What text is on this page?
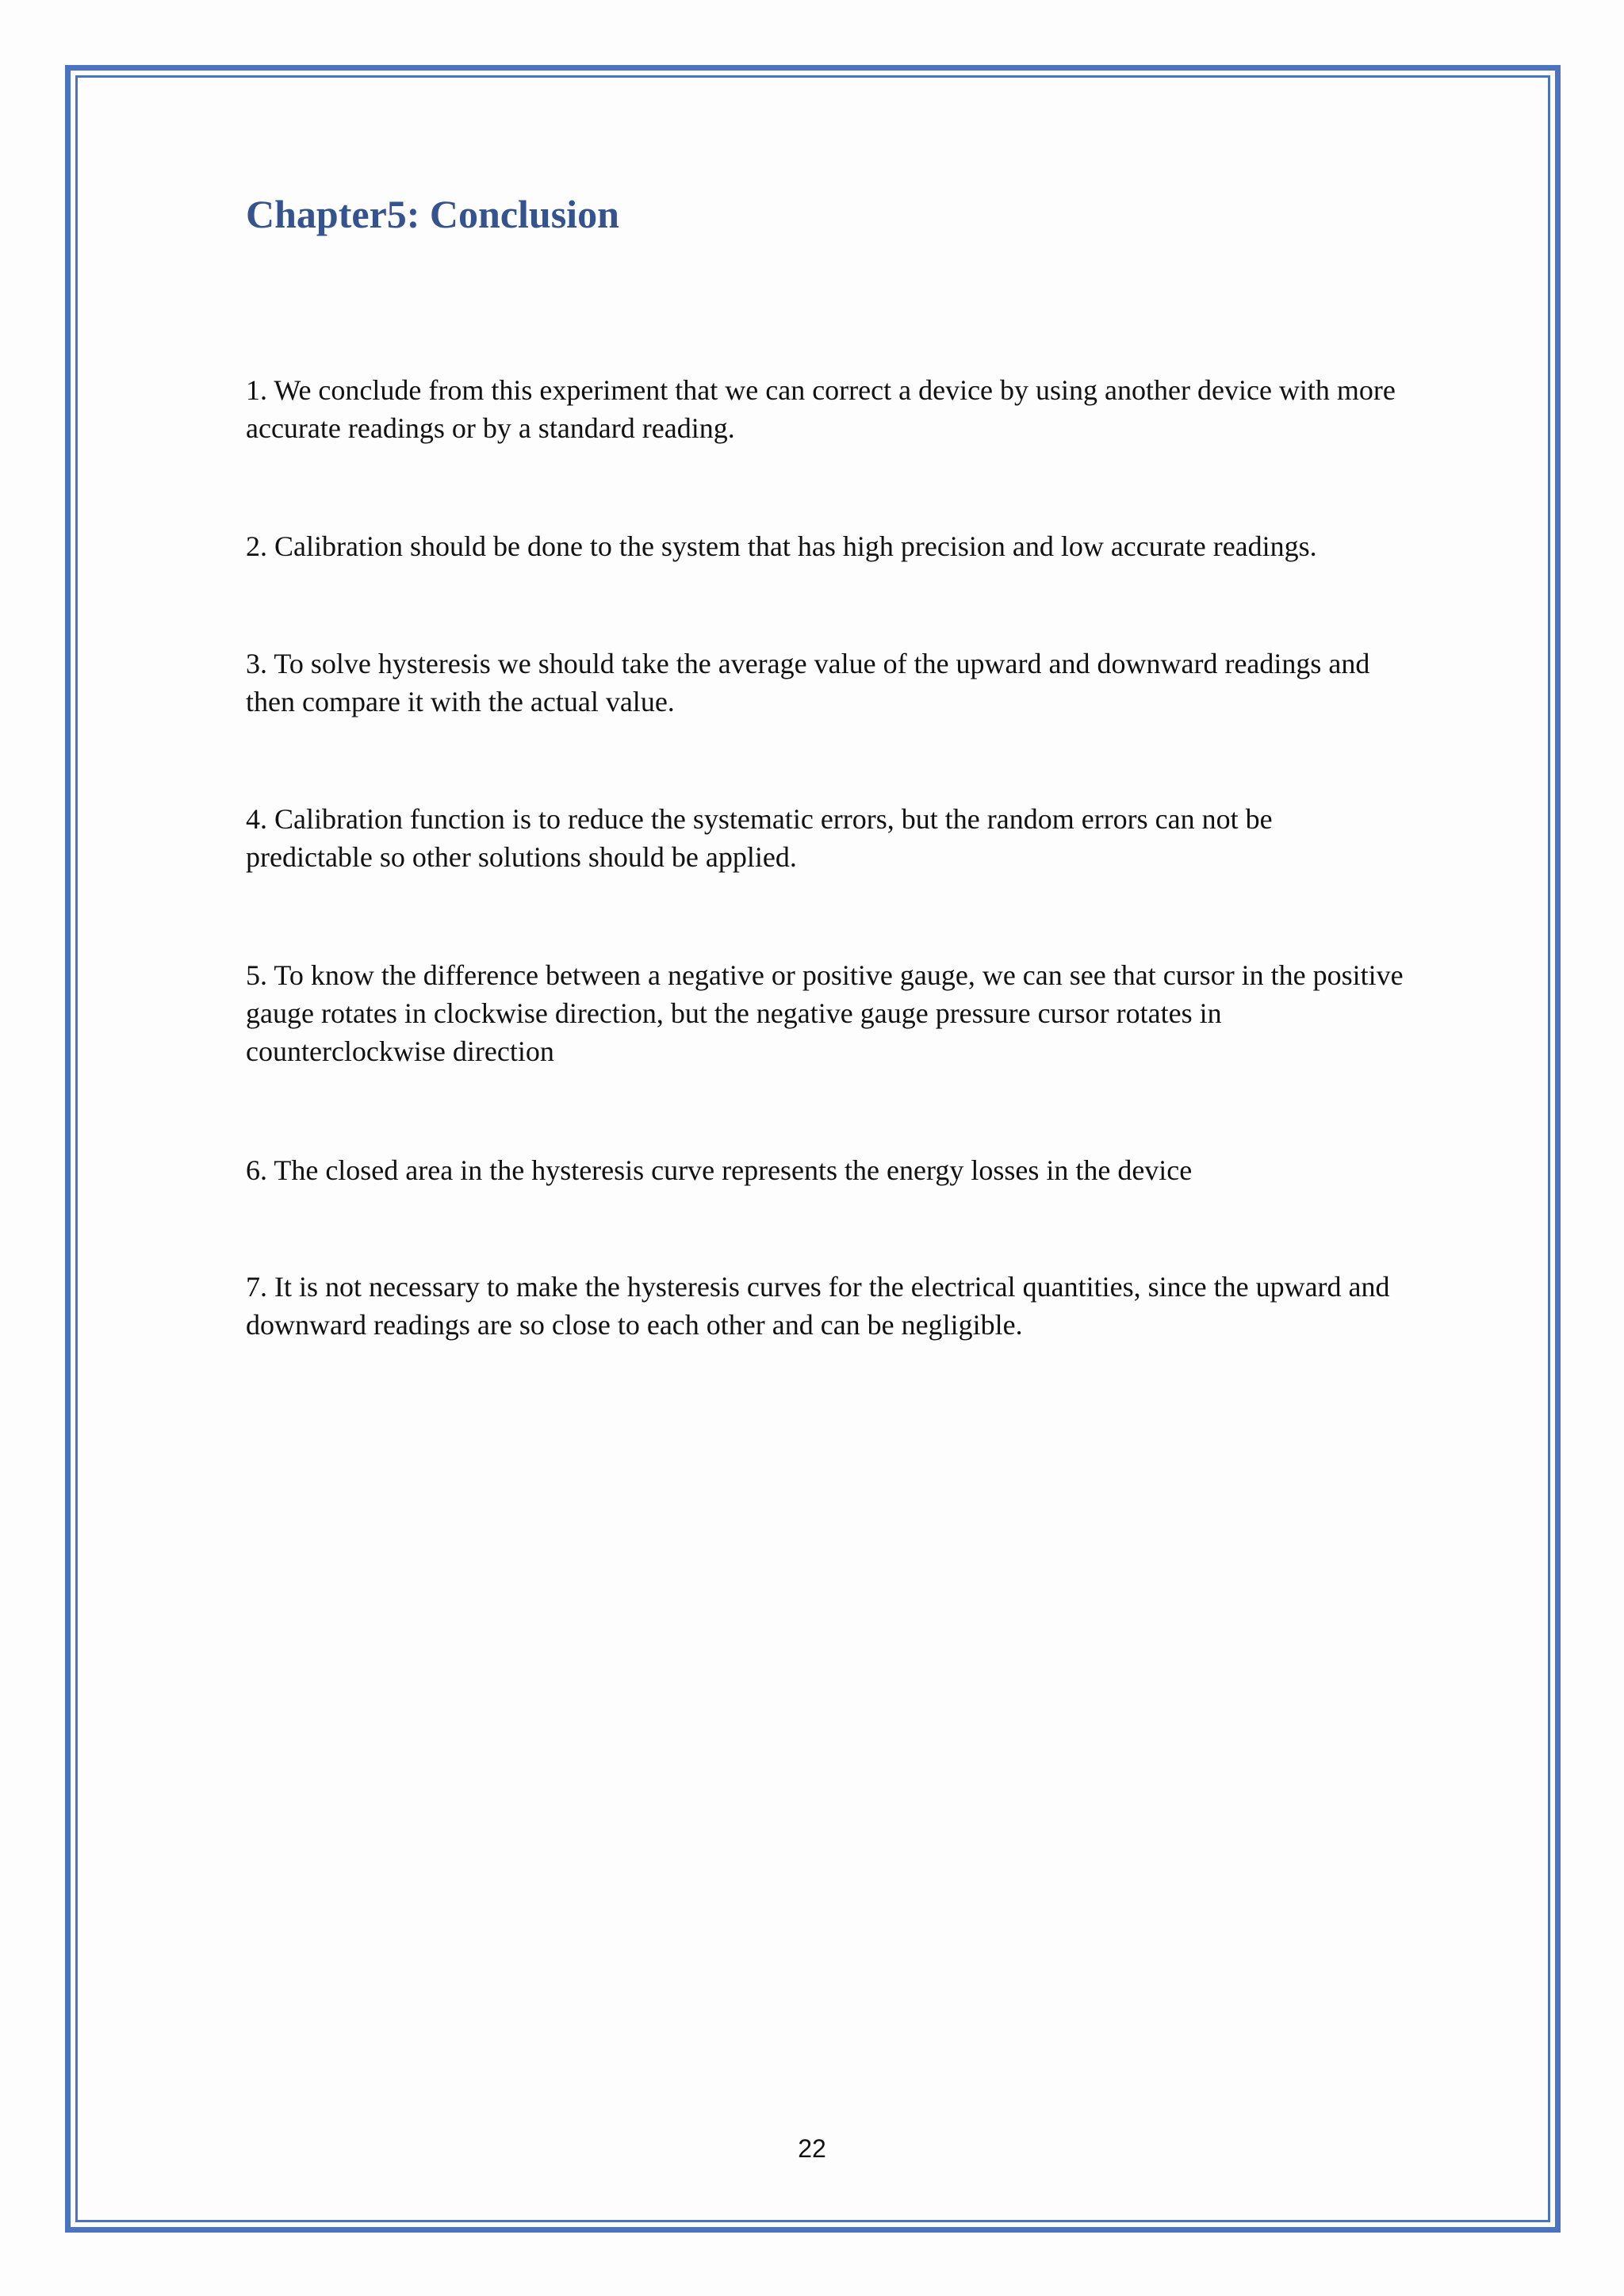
Chapter5: Conclusion

1. We conclude from this experiment that we can correct a device by using another device with more accurate readings or by a standard reading.

2. Calibration should be done to the system that has high precision and low accurate readings.

3. To solve hysteresis we should take the average value of the upward and downward readings and then compare it with the actual value.

4. Calibration function is to reduce the systematic errors, but the random errors can not be predictable so other solutions should be applied.

5. To know the difference between a negative or positive gauge, we can see that cursor in the positive gauge rotates in clockwise direction, but the negative gauge pressure cursor rotates in counterclockwise direction

6. The closed area in the hysteresis curve represents the energy losses in the device

7. It is not necessary to make the hysteresis curves for the electrical quantities, since the upward and downward readings are so close to each other and can be negligible.

22
